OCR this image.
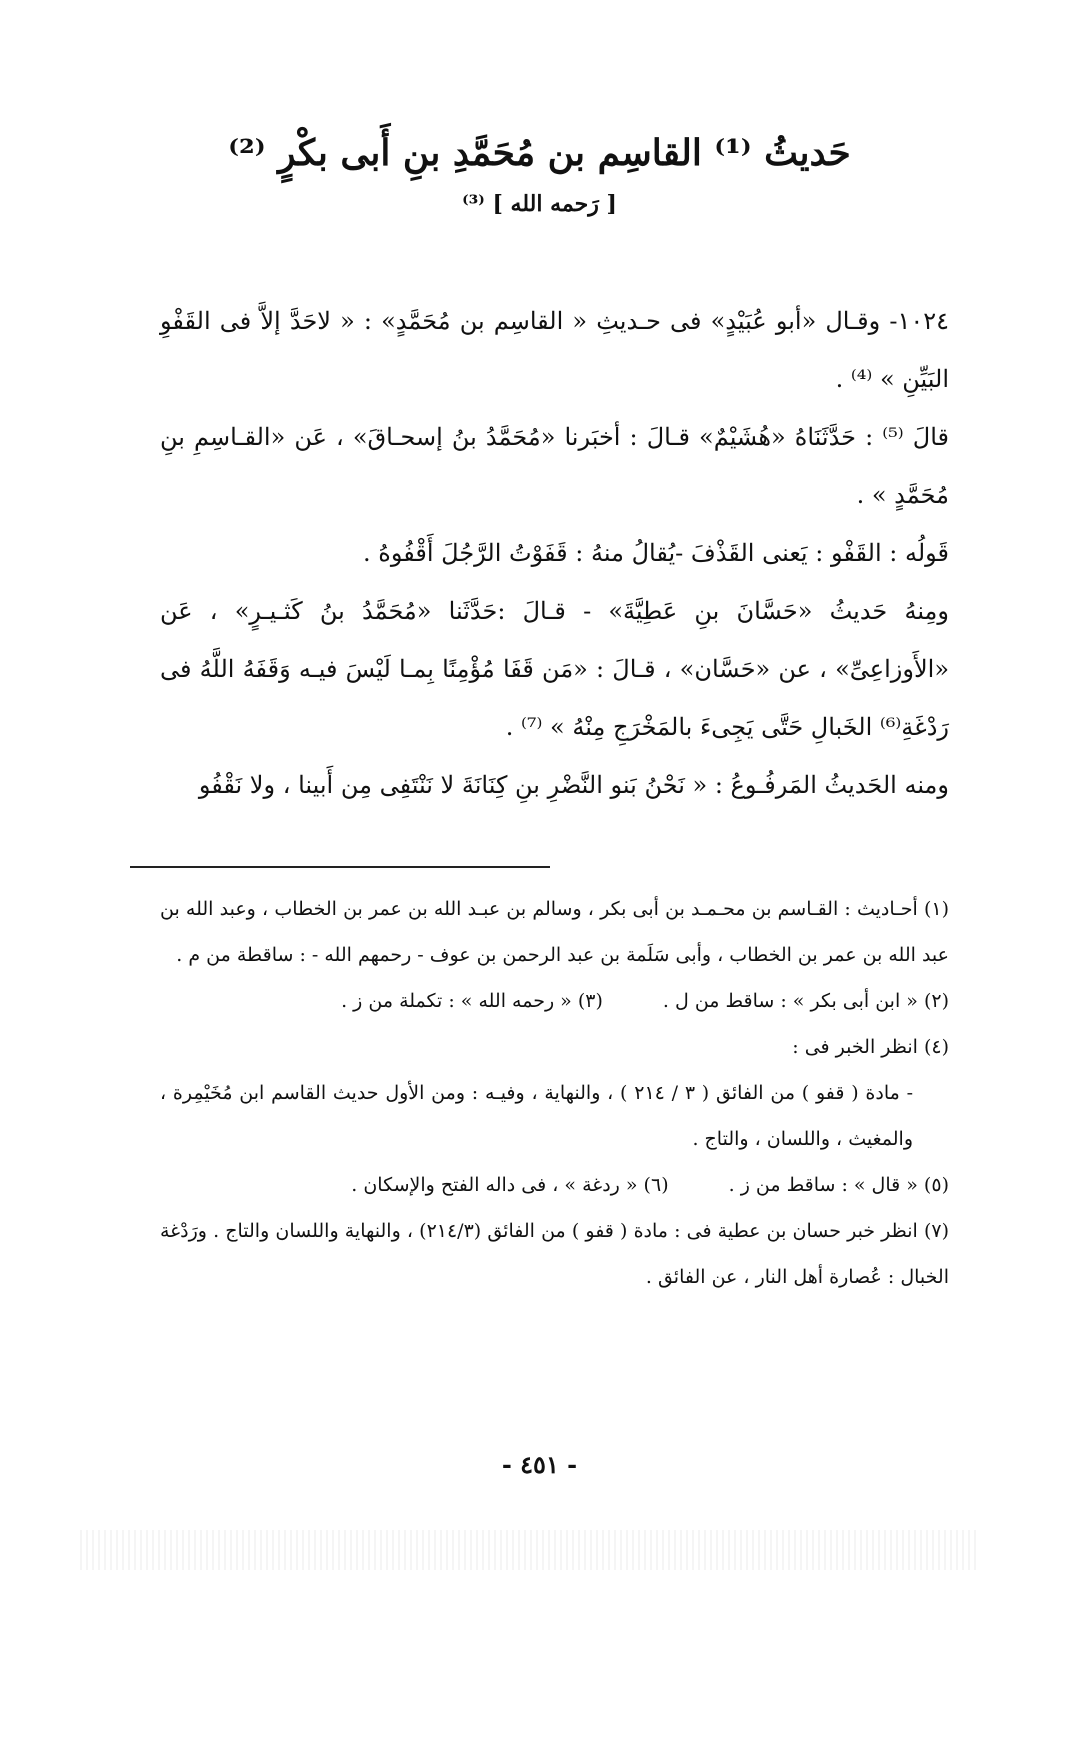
حَديثُ ⁽¹⁾ القاسِم بن مُحَمَّدِ بنِ أَبى بكْرٍ ⁽²⁾
[ رَحمه الله ] ⁽³⁾

١٠٢٤- وقـال «أبو عُبَيْدٍ» فى حـديثِ « القاسِم بن مُحَمَّدٍ» : « لاحَدَّ إلاَّ فى القَفْوِ البَيِّنِ » ⁽⁴⁾ .

قالَ ⁽⁵⁾ : حَدَّثَنَاهُ «هُشَيْمٌ» قـالَ : أخبَرنا «مُحَمَّدُ بنُ إسحـاقَ» ، عَن «القـاسِمِ بنِ مُحَمَّدٍ » .

قَولُه : القَفْو : يَعنى القَذْفَ -يُقالُ منهُ : قَفَوْتُ الرَّجُلَ أَقْفُوهُ .

ومِنهُ حَديثُ «حَسَّانَ بنِ عَطِيَّةَ» - قـالَ :حَدَّثَنا «مُحَمَّدُ بنُ كَثـيـرٍ» ، عَن «الأَوزاعِىِّ» ، عن «حَسَّان» ، قـالَ : «مَن قَفَا مُؤْمِنًا بِمـا لَيْسَ فيـه وَقَفَهُ اللَّهُ فى رَدْغَةِ⁽⁶⁾ الخَبالِ حَتَّى يَجِىءَ بالمَخْرَجِ مِنْهُ » ⁽⁷⁾ .

ومنه الحَديثُ المَرفُـوعُ : « نَحْنُ بَنو النَّضْرِ بنِ كِنَانَةَ لا نَنْتَفِى مِن أَبينا ، ولا نَقْفُو

(١) أحـاديث : القـاسم بن محـمـد بن أبى بكر ، وسالم بن عبـد الله بن عمر بن الخطاب ، وعبد الله بن عبد الله بن عمر بن الخطاب ، وأبى سَلَمة بن عبد الرحمن بن عوف - رحمهم الله - : ساقطة من م .

(٢) « ابن أبى بكر » : ساقط من ل .
(٣) « رحمه الله » : تكملة من ز .

(٤) انظر الخبر فى :

- مادة ( قفو ) من الفائق ( ٣ / ٢١٤ ) ، والنهاية ، وفيـه : ومن الأول حديث القاسم ابن مُخَيْمِرة ، والمغيث ، واللسان ، والتاج .

(٥) « قال » : ساقط من ز .
(٦) « ردغة » ، فى داله الفتح والإسكان .

(٧) انظر خبر حسان بن عطية فى : مادة ( قفو ) من الفائق (٢١٤/٣) ، والنهاية واللسان والتاج . ورَدْغة الخبال : عُصارة أهل النار ، عن الفائق .

- ٤٥١ -
